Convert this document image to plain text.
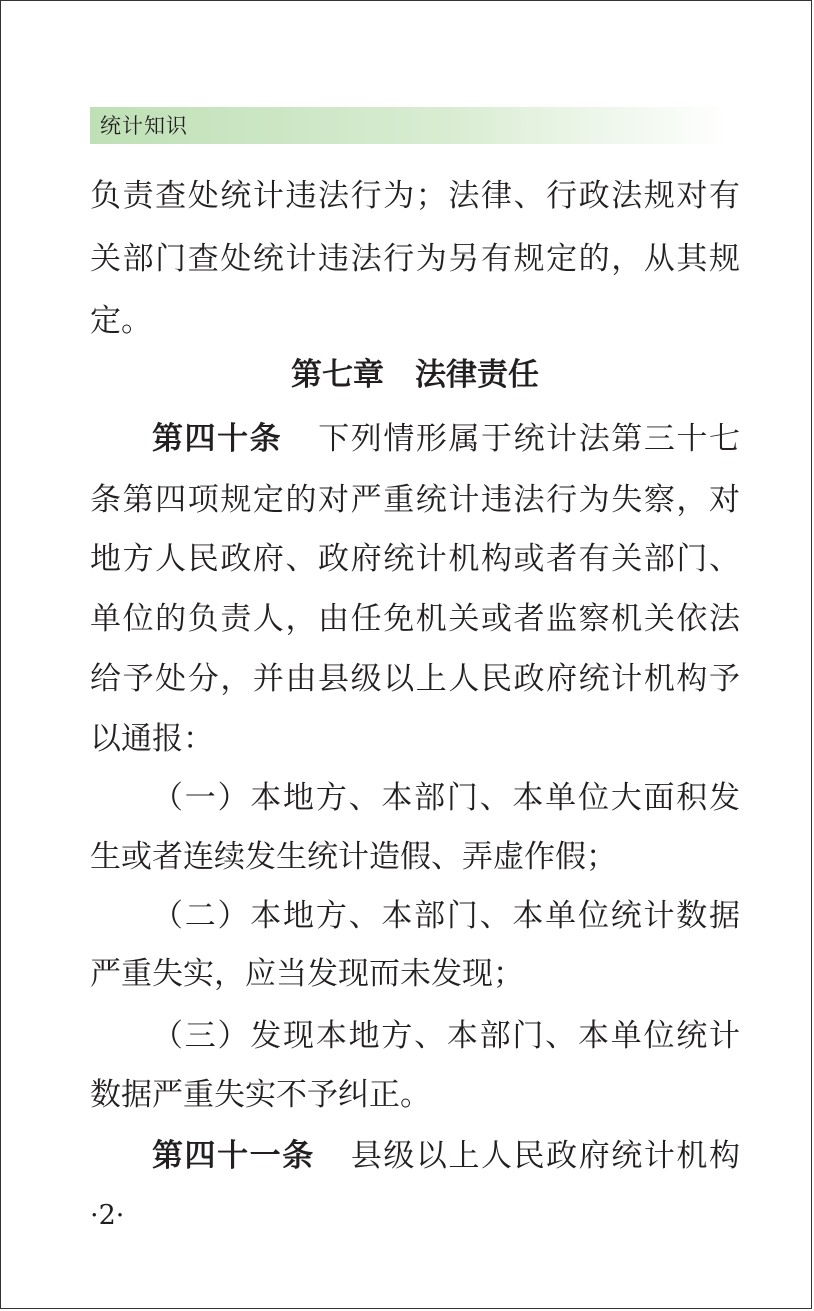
统计知识
负责查处统计违法行为；法律、行政法规对有
关部门查处统计违法行为另有规定的，从其规
定。
第七章　法律责任
第四十条 下列情形属于统计法第三十七
条第四项规定的对严重统计违法行为失察，对
地方人民政府、政府统计机构或者有关部门、
单位的负责人，由任免机关或者监察机关依法
给予处分，并由县级以上人民政府统计机构予
以通报：
（一）本地方、本部门、本单位大面积发
生或者连续发生统计造假、弄虚作假；
（二）本地方、本部门、本单位统计数据
严重失实，应当发现而未发现；
（三）发现本地方、本部门、本单位统计
数据严重失实不予纠正。
第四十一条 县级以上人民政府统计机构
·2·
